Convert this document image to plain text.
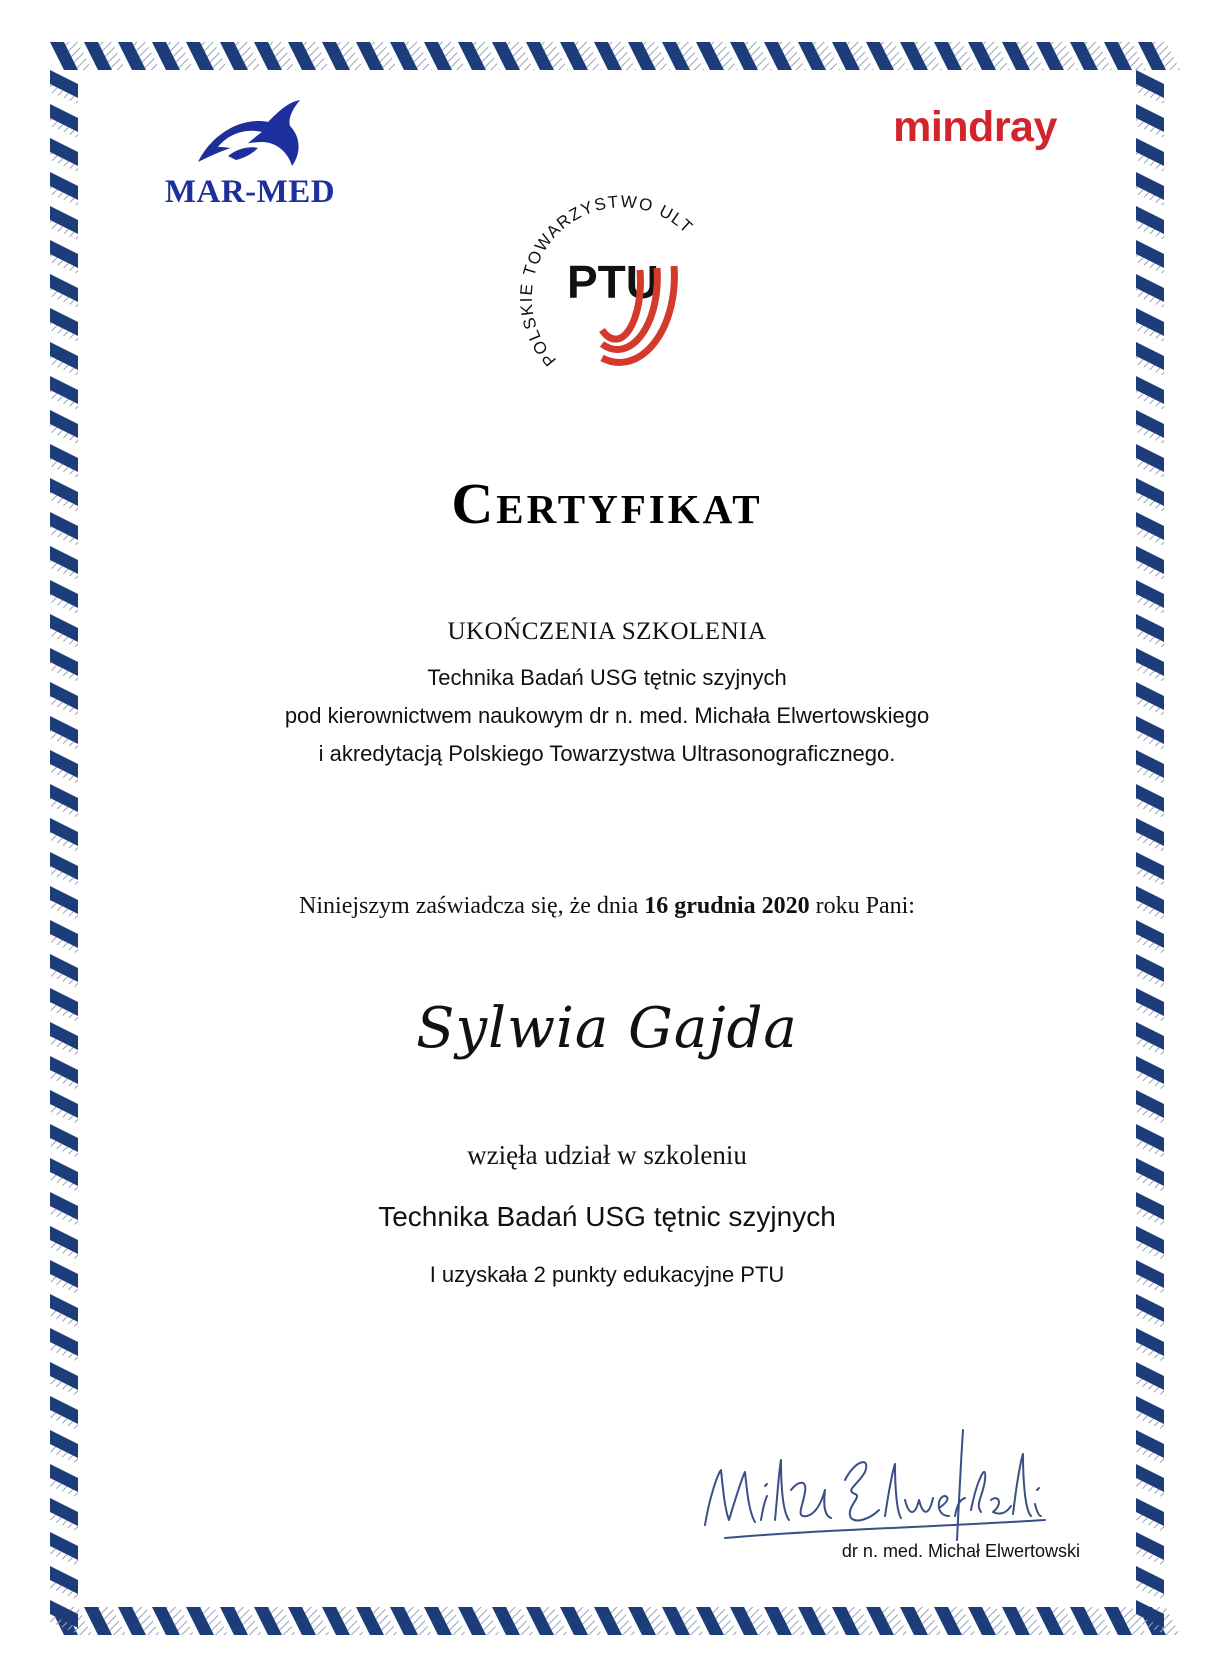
MAR-MED
mindray
POLSKIE TOWARZYSTWO ULT
PTU
Certyfikat
UKOŃCZENIA SZKOLENIA
Technika Badań USG tętnic szyjnych
pod kierownictwem naukowym dr n. med. Michała Elwertowskiego
i akredytacją Polskiego Towarzystwa Ultrasonograficznego.
Niniejszym zaświadcza się, że dnia 16 grudnia 2020 roku Pani:
Sylwia Gajda
wzięła udział w szkoleniu
Technika Badań USG tętnic szyjnych
I uzyskała 2 punkty edukacyjne PTU
dr n. med. Michał Elwertowski
